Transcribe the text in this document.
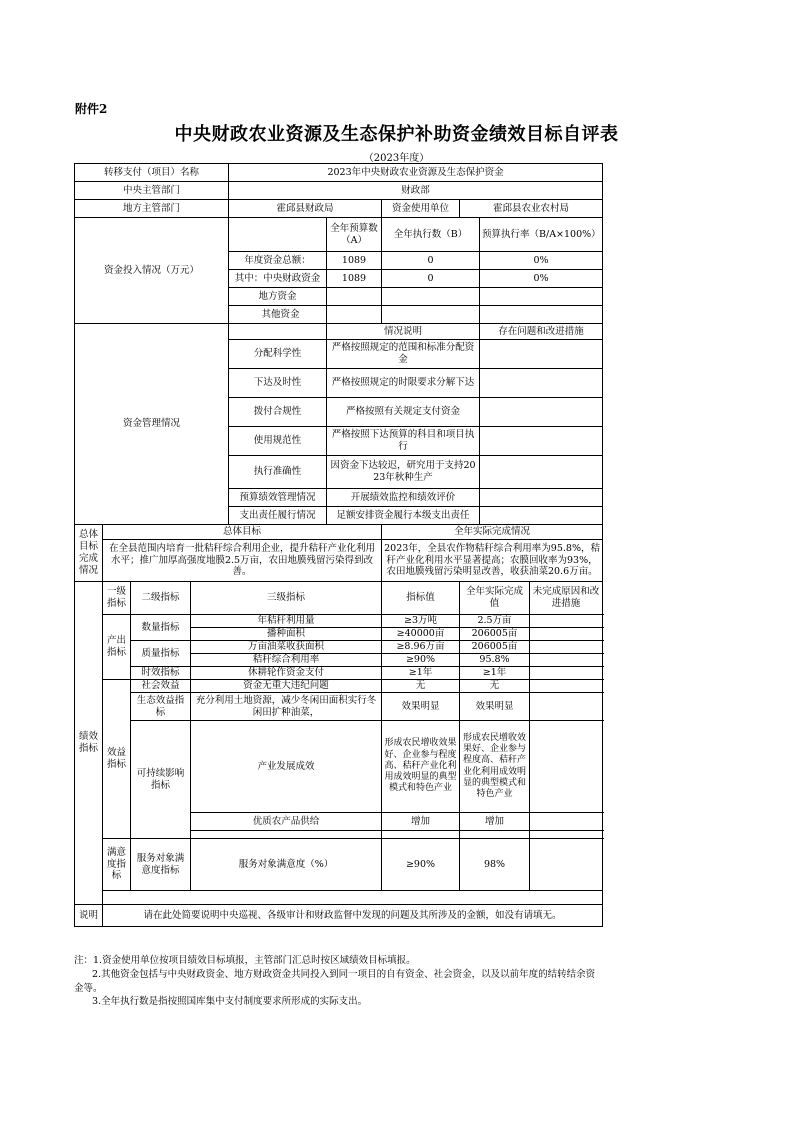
附件2
中央财政农业资源及生态保护补助资金绩效目标自评表
（2023年度）
转移支付（项目）名称				2023年中央财政农业资源及生态保护资金					
中央主管部门				财政部					
地方主管部门				霍邱县财政局		资金使用单位	霍邱县农业农村局		
资金投入情况（万元）					全年预算数（A）	全年执行数（B）		预算执行率（B/A×100%）	
				年度资金总额：	1089	0		0%	
				其中：中央财政资金	1089	0		0%	
				地方资金					
				其他资金					
资金管理情况					情况说明			存在问题和改进措施	
				分配科学性	严格按照规定的范围和标准分配资金				
				下达及时性	严格按照规定的时限要求分解下达				
				拨付合规性	严格按照有关规定支付资金				
				使用规范性	严格按照下达预算的科目和项目执行				
				执行准确性	因资金下达较迟，研究用于支持2023年秋种生产				
				预算绩效管理情况	开展绩效监控和绩效评价				
				支出责任履行情况	足额安排资金履行本级支出责任				
总体目标完成情况	总体目标					全年实际完成情况			
	在全县范围内培育一批秸秆综合利用企业，提升秸秆产业化利用水平；推广加厚高强度地膜2.5万亩，农田地膜残留污染得到改善。					2023年，全县农作物秸秆综合利用率为95.8%，秸秆产业化利用水平显著提高；农膜回收率为93%，农田地膜残留污染明显改善，收获油菜20.6万亩。			
绩效指标	一级指标	二级指标	三级指标			指标值	全年实际完成值		未完成原因和改进措施
	产出指标	数量指标	年秸秆利用量			≥3万吨	2.5万亩		
			播种面积			≥40000亩	206005亩		
		质量指标	万亩油菜收获面积			≥8.96万亩	206005亩		
			秸秆综合利用率			≥90%	95.8%		
		时效指标	休耕轮作资金支付			≥1年	≥1年		
	效益指标	社会效益	资金无重大违纪问题			无	无		
		生态效益指标	充分利用土地资源，减少冬闲田面积实行冬闲田扩种油菜，			效果明显	效果明显		
		可持续影响指标	产业发展成效			形成农民增收效果好、企业参与程度高、秸秆产业化利用成效明显的典型模式和特色产业	形成农民增收效果好、企业参与程度高、秸秆产业化利用成效明显的典型模式和特色产业		
			优质农产品供给			增加	增加		

	满意度指标	服务对象满意度指标	服务对象满意度（%）			≥90%	98%		

说明	请在此处简要说明中央巡视、各级审计和财政监督中发现的问题及其所涉及的金额，如没有请填无。								

注：1.资金使用单位按项目绩效目标填报，主管部门汇总时按区域绩效目标填报。

2.其他资金包括与中央财政资金、地方财政资金共同投入到同一项目的自有资金、社会资金，以及以前年度的结转结余资金等。

3.全年执行数是指按照国库集中支付制度要求所形成的实际支出。
